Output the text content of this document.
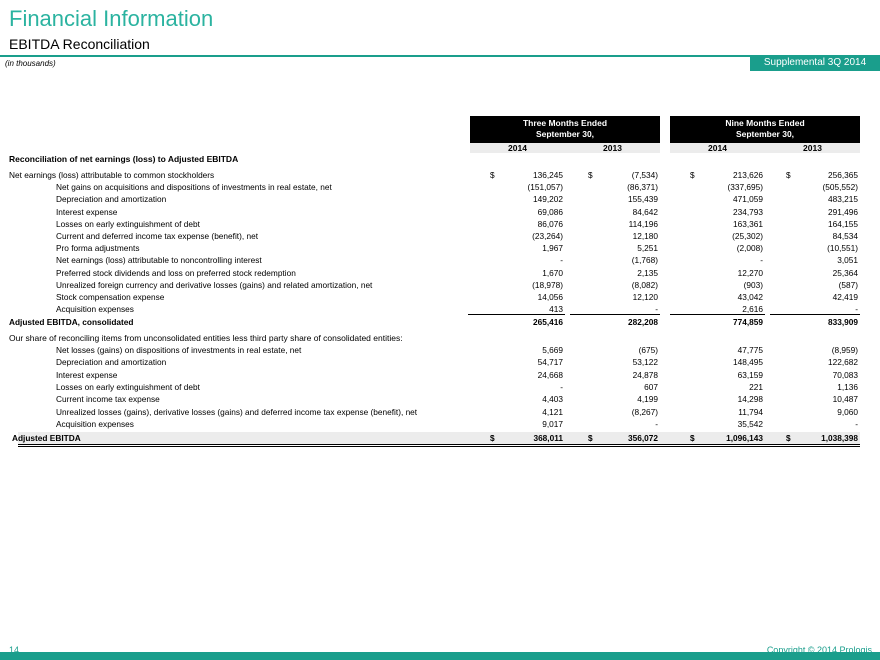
Financial Information
EBITDA Reconciliation
(in thousands)	Supplemental 3Q 2014
Three Months Ended
September 30,
Nine Months Ended
September 30,
2014	2013	2014	2013
Reconciliation of net earnings (loss) to Adjusted EBITDA
Net earnings (loss) attributable to common stockholders	$	136,245	$	(7,534)	$	213,626	$	256,365
Net gains on acquisitions and dispositions of investments in real estate, net	(151,057)	(86,371)	(337,695)	(505,552)
Depreciation and amortization	149,202	155,439	471,059	483,215
Interest expense	69,086	84,642	234,793	291,496
Losses on early extinguishment of debt	86,076	114,196	163,361	164,155
Current and deferred income tax expense (benefit), net	(23,264)	12,180	(25,302)	84,534
Pro forma adjustments	1,967	5,251	(2,008)	(10,551)
Net earnings (loss) attributable to noncontrolling interest	-	(1,768)	-	3,051
Preferred stock dividends and loss on preferred stock redemption	1,670	2,135	12,270	25,364
Unrealized foreign currency and derivative losses (gains) and related amortization, net	(18,978)	(8,082)	(903)	(587)
Stock compensation expense	14,056	12,120	43,042	42,419
Acquisition expenses	413	-	2,616	-
Adjusted EBITDA, consolidated	265,416	282,208	774,859	833,909
Our share of reconciling items from unconsolidated entities less third party share of consolidated entities:
Net losses (gains) on dispositions of investments in real estate, net	5,669	(675)	47,775	(8,959)
Depreciation and amortization	54,717	53,122	148,495	122,682
Interest expense	24,668	24,878	63,159	70,083
Losses on early extinguishment of debt	-	607	221	1,136
Current income tax expense	4,403	4,199	14,298	10,487
Unrealized losses (gains), derivative losses (gains) and deferred income tax expense (benefit), net	4,121	(8,267)	11,794	9,060
Acquisition expenses	9,017	-	35,542	-
Adjusted EBITDA	$	368,011	$	356,072	$	1,096,143	$	1,038,398
14	Copyright © 2014 Prologis
